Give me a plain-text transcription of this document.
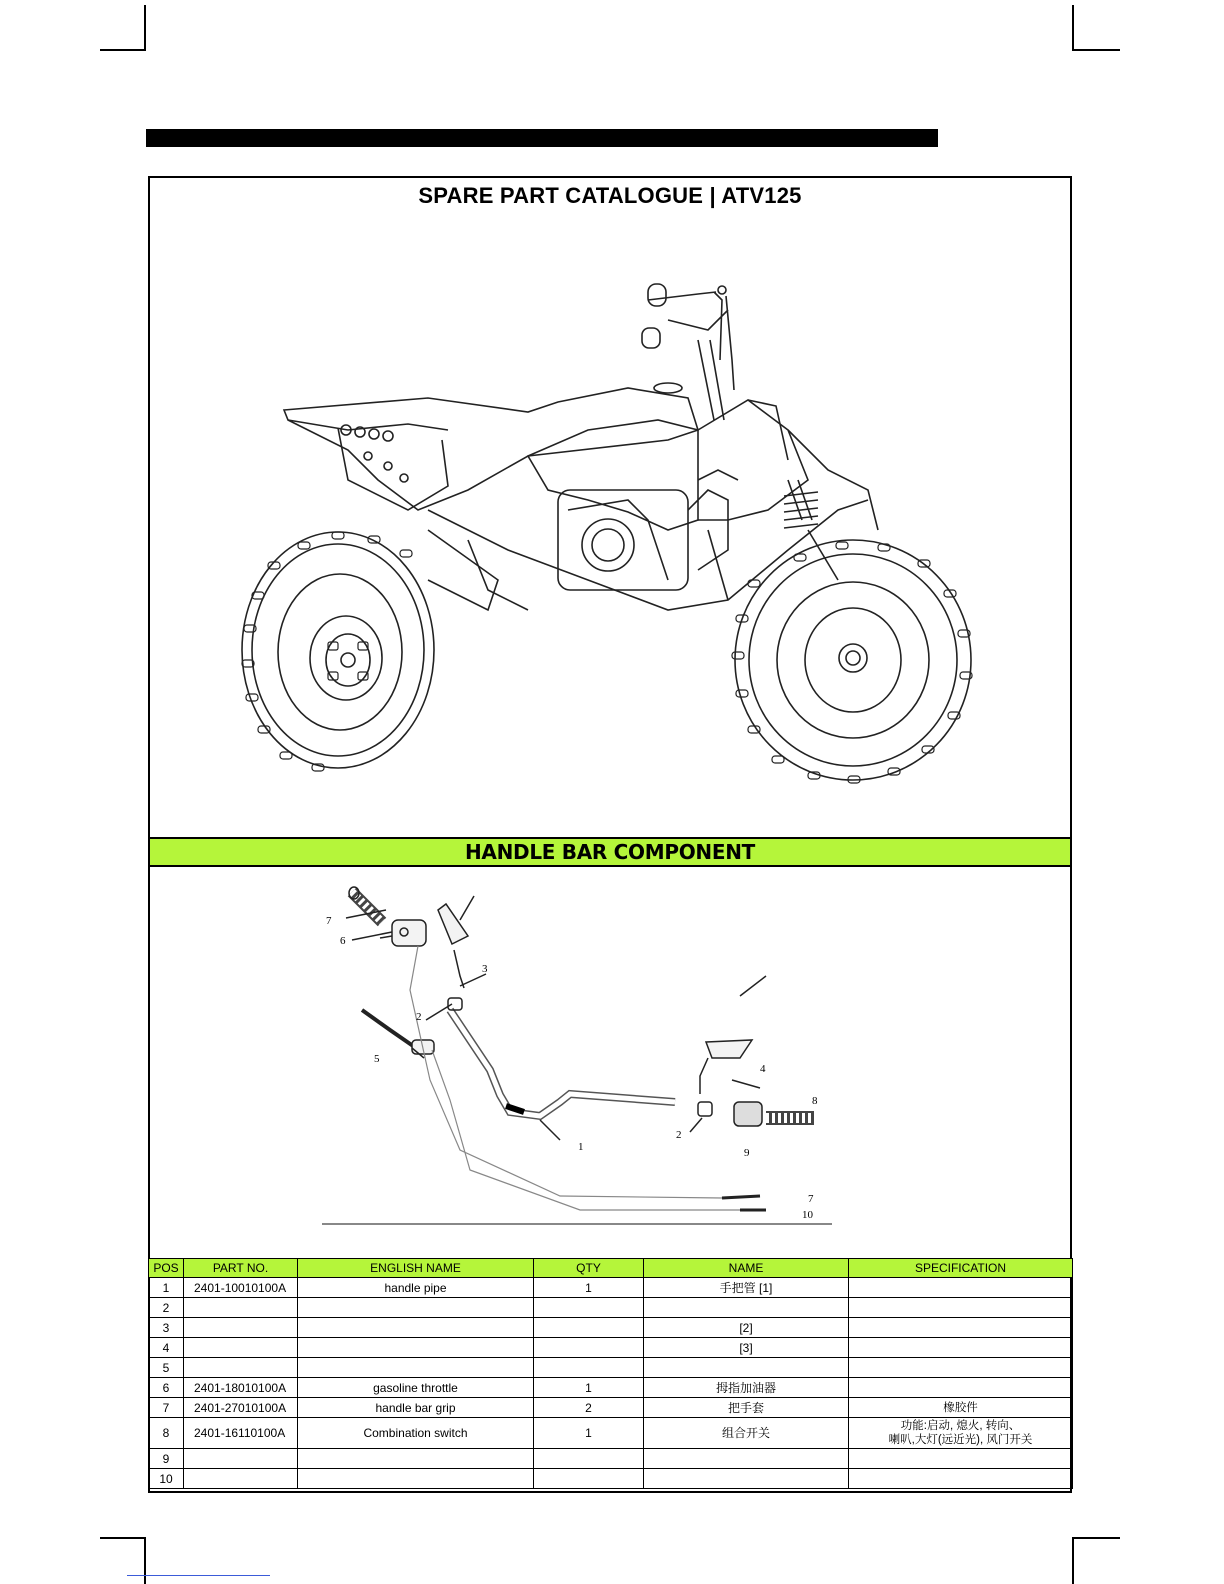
SPARE PART CATALOGUE | ATV125
HANDLE BAR COMPONENT
7
6
3
2
5
4
8
2
1	9
7
10
POS	PART NO.	ENGLISH NAME	QTY	NAME	SPECIFICATION
1	2401-10010100A	handle pipe	1	手把管 [1]	
2					
3				[2]	
4				[3]	
5					
6	2401-18010100A	gasoline throttle	1	拇指加油器	
7	2401-27010100A	handle bar grip	2	把手套	橡胶件
8	2401-16110100A	Combination switch	1	组合开关	功能:启动, 熄火, 转向、
喇叭,大灯(远近光), 风门开关

9					
10					
